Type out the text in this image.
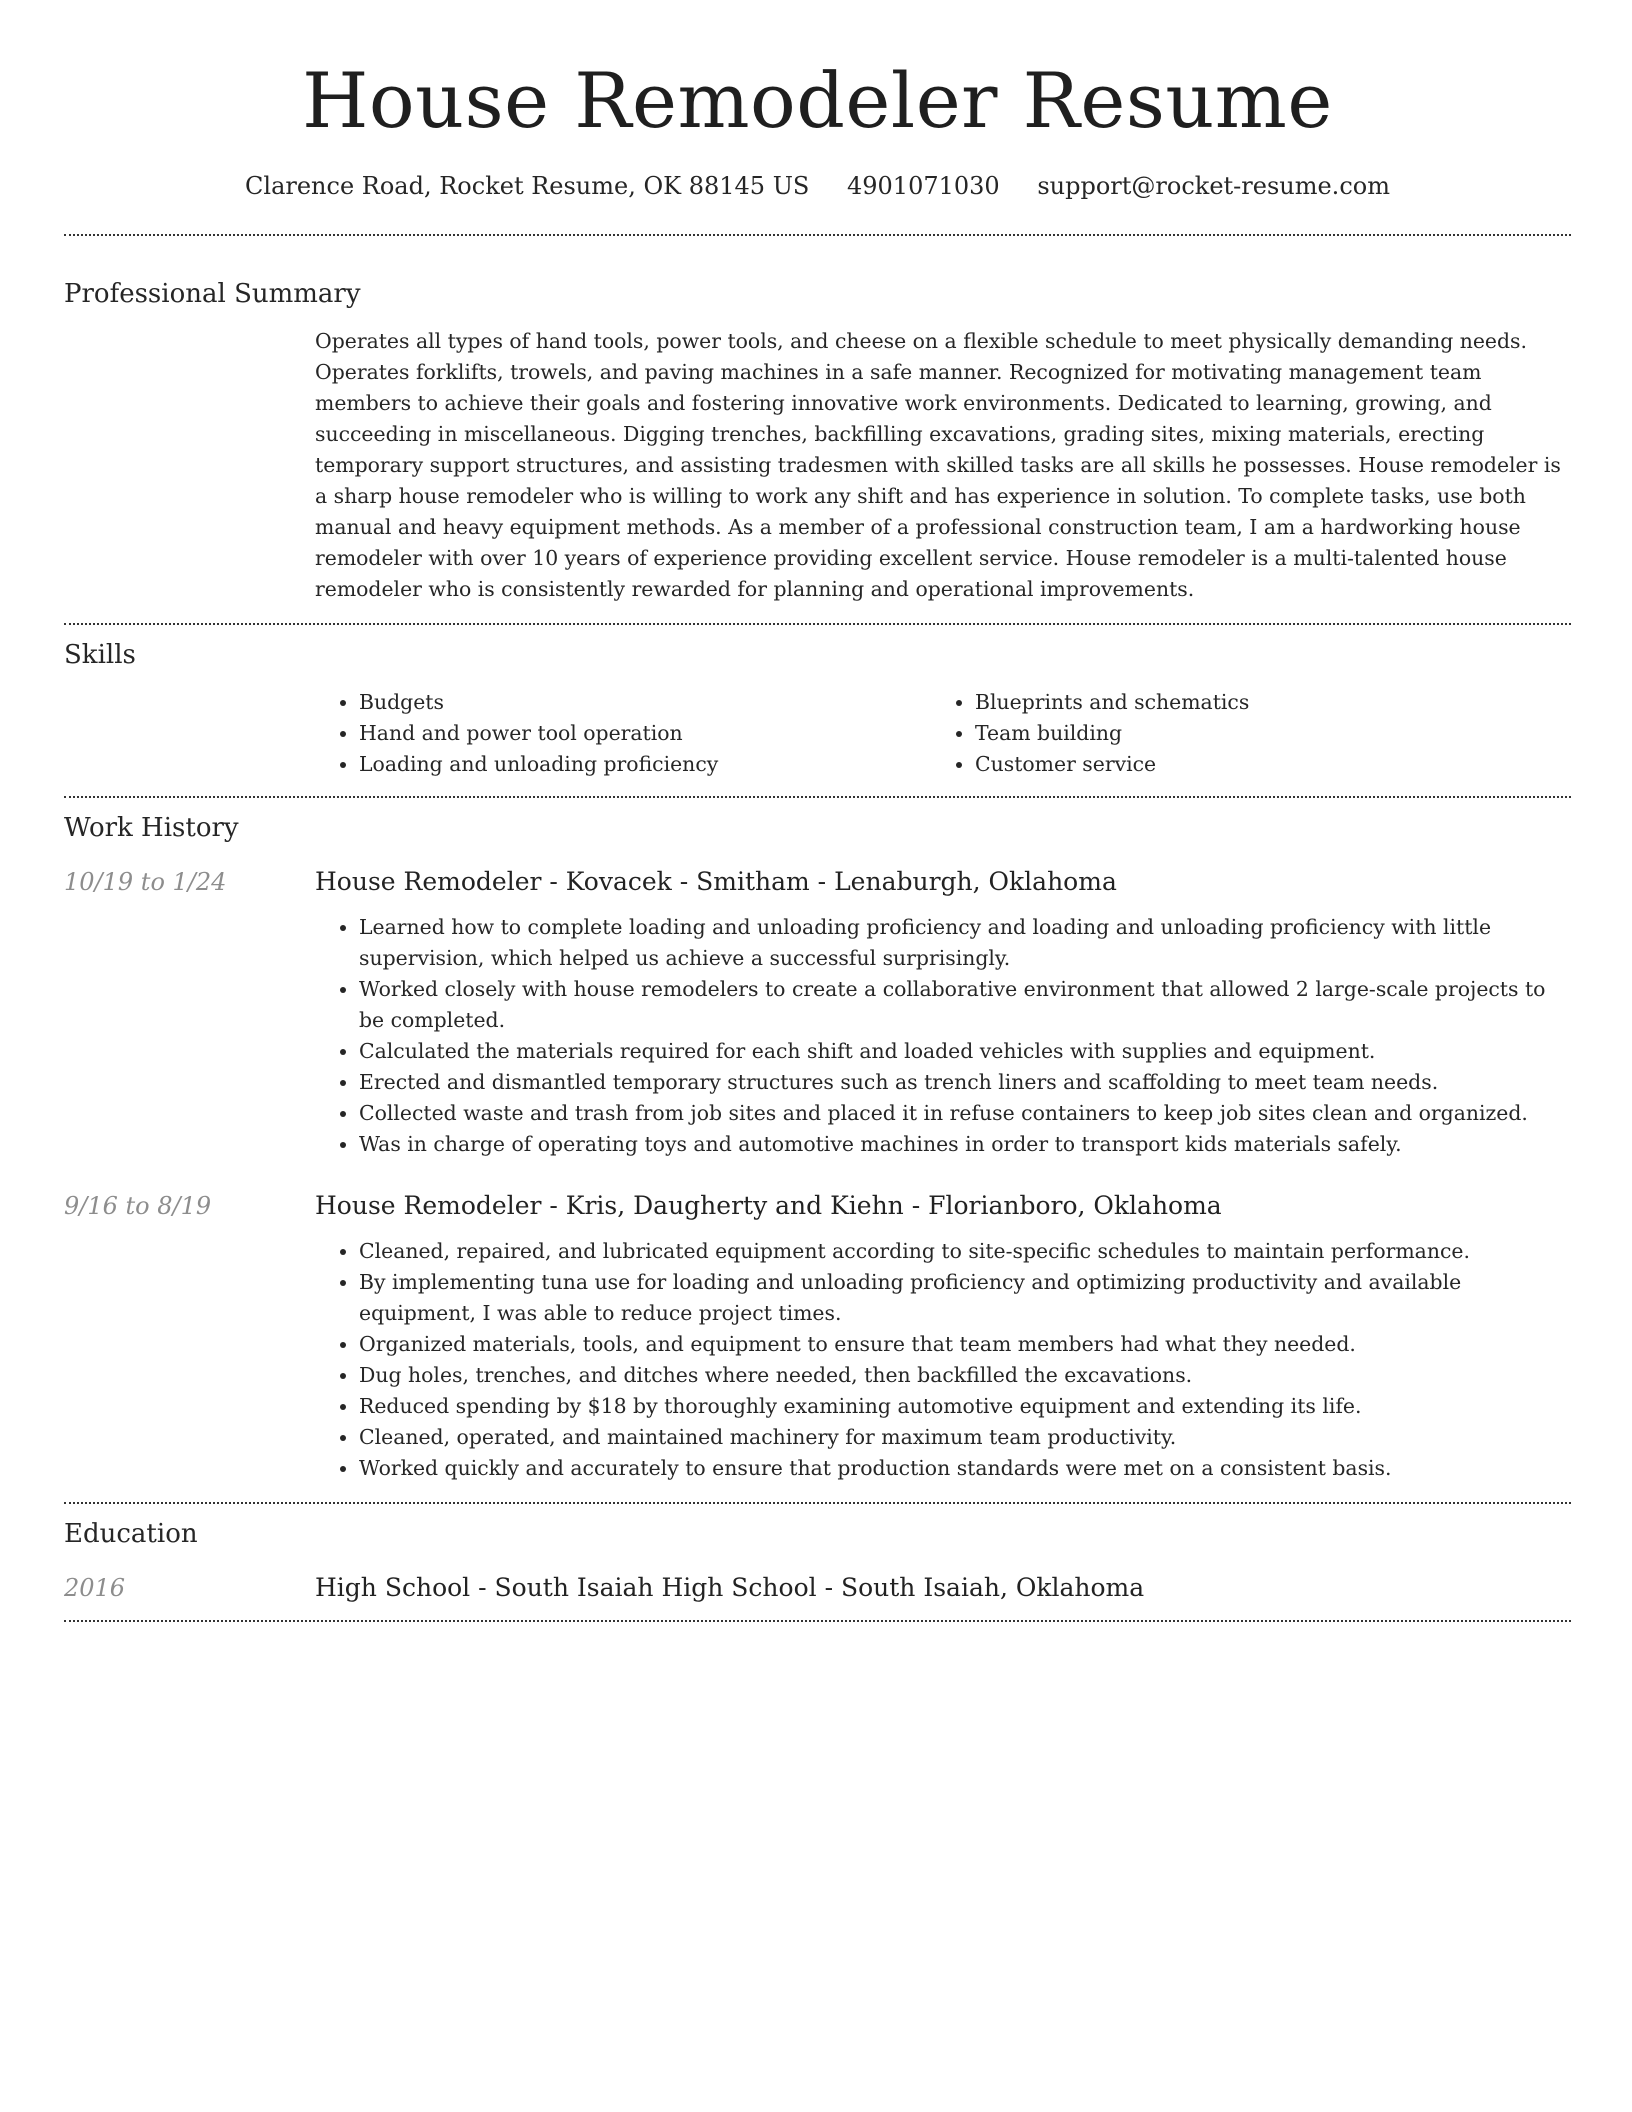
House Remodeler Resume
Clarence Road, Rocket Resume, OK 88145 US 4901071030 support@rocket-resume.com
Professional Summary

Operates all types of hand tools, power tools, and cheese on a flexible schedule to meet physically demanding needs. Operates forklifts, trowels, and paving machines in a safe manner. Recognized for motivating management team members to achieve their goals and fostering innovative work environments. Dedicated to learning, growing, and succeeding in miscellaneous. Digging trenches, backfilling excavations, grading sites, mixing materials, erecting temporary support structures, and assisting tradesmen with skilled tasks are all skills he possesses. House remodeler is a sharp house remodeler who is willing to work any shift and has experience in solution. To complete tasks, use both manual and heavy equipment methods. As a member of a professional construction team, I am a hardworking house remodeler with over 10 years of experience providing excellent service. House remodeler is a multi-talented house remodeler who is consistently rewarded for planning and operational improvements.

Skills
• Budgets
• Hand and power tool operation
• Loading and unloading proficiency
• Blueprints and schematics
• Team building
• Customer service
Work History
10/19 to 1/24	House Remodeler - Kovacek - Smitham - Lenaburgh, Oklahoma
• Learned how to complete loading and unloading proficiency and loading and unloading proficiency with little supervision, which helped us achieve a successful surprisingly.
• Worked closely with house remodelers to create a collaborative environment that allowed 2 large-scale projects to be completed.
• Calculated the materials required for each shift and loaded vehicles with supplies and equipment.
• Erected and dismantled temporary structures such as trench liners and scaffolding to meet team needs.
• Collected waste and trash from job sites and placed it in refuse containers to keep job sites clean and organized.
• Was in charge of operating toys and automotive machines in order to transport kids materials safely.
9/16 to 8/19	House Remodeler - Kris, Daugherty and Kiehn - Florianboro, Oklahoma
• Cleaned, repaired, and lubricated equipment according to site-specific schedules to maintain performance.
• By implementing tuna use for loading and unloading proficiency and optimizing productivity and available equipment, I was able to reduce project times.
• Organized materials, tools, and equipment to ensure that team members had what they needed.
• Dug holes, trenches, and ditches where needed, then backfilled the excavations.
• Reduced spending by $18 by thoroughly examining automotive equipment and extending its life.
• Cleaned, operated, and maintained machinery for maximum team productivity.
• Worked quickly and accurately to ensure that production standards were met on a consistent basis.
Education
2016	High School - South Isaiah High School - South Isaiah, Oklahoma
